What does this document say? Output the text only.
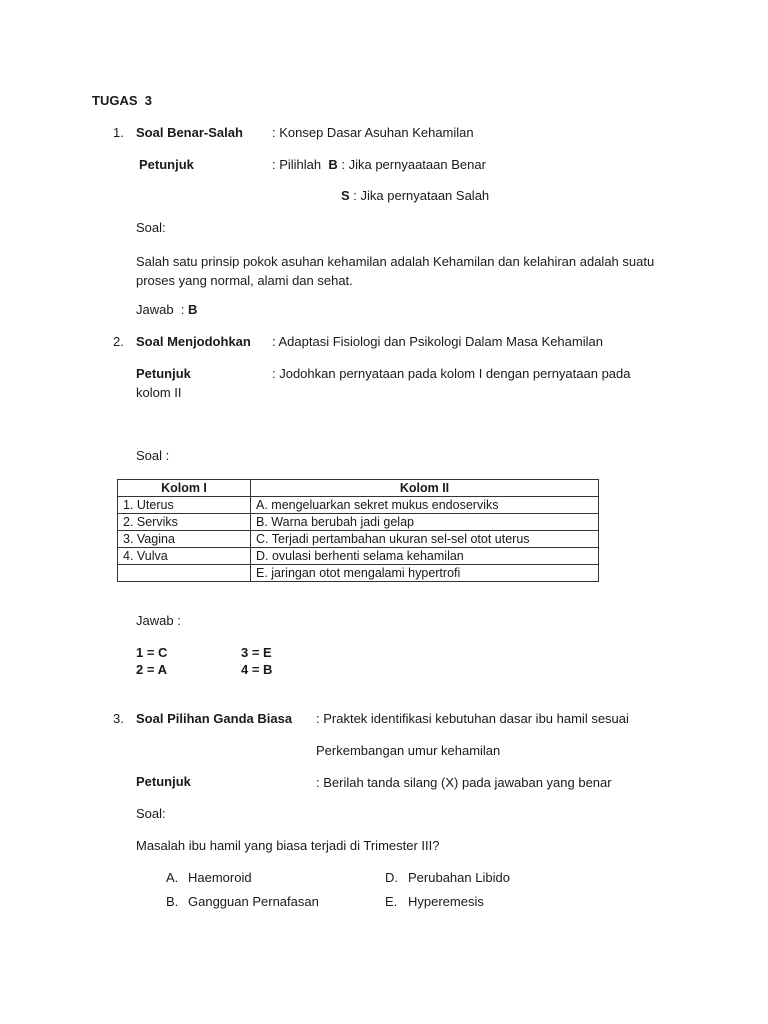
TUGAS  3
1. Soal Benar-Salah : Konsep Dasar Asuhan Kehamilan
Petunjuk	: Pilihlah  B : Jika pernyaataan Benar
S : Jika pernyataan Salah
Soal:
Salah satu prinsip pokok asuhan kehamilan adalah Kehamilan dan kelahiran adalah suatu proses yang normal, alami dan sehat.
Jawab  : B
2. Soal Menjodohkan : Adaptasi Fisiologi dan Psikologi Dalam Masa Kehamilan
Petunjuk	: Jodohkan pernyataan pada kolom I dengan pernyataan pada
kolom II
Soal :
Kolom I	Kolom II
1. Uterus	A. mengeluarkan sekret mukus endoserviks
2. Serviks	B. Warna berubah jadi gelap
3. Vagina	C. Terjadi pertambahan ukuran sel-sel otot uterus
4. Vulva	D. ovulasi berhenti selama kehamilan
	E. jaringan otot mengalami hypertrofi
Jawab :
1 = C	3 = E
2 = A	4 = B
3. Soal Pilihan Ganda Biasa : Praktek identifikasi kebutuhan dasar ibu hamil sesuai
Perkembangan umur kehamilan
Petunjuk	: Berilah tanda silang (X) pada jawaban yang benar
Soal:
Masalah ibu hamil yang biasa terjadi di Trimester III?
A. Haemoroid	D. Perubahan Libido
B. Gangguan Pernafasan	E. Hyperemesis
